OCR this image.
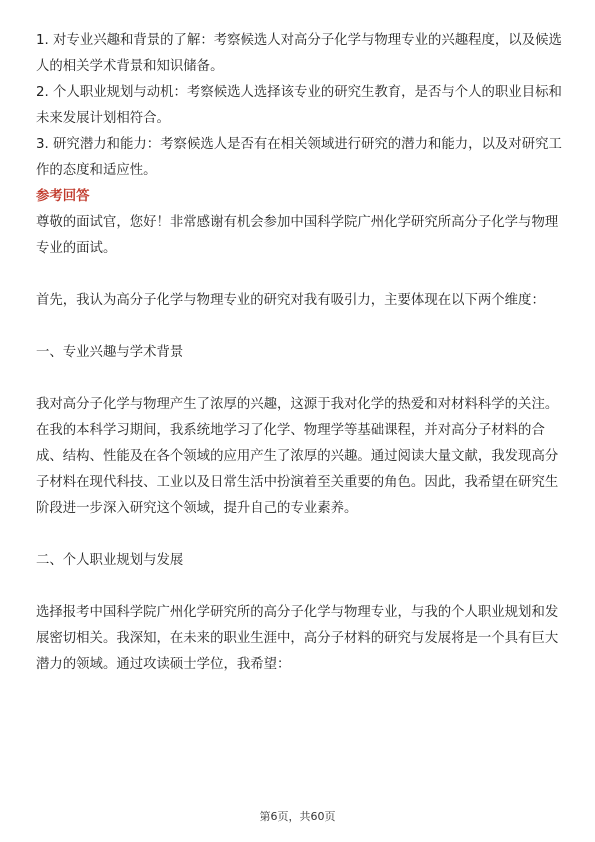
1. 对专业兴趣和背景的了解：考察候选人对高分子化学与物理专业的兴趣程度，以及候选人的相关学术背景和知识储备。

2. 个人职业规划与动机：考察候选人选择该专业的研究生教育，是否与个人的职业目标和未来发展计划相符合。

3. 研究潜力和能力：考察候选人是否有在相关领域进行研究的潜力和能力，以及对研究工作的态度和适应性。

参考回答

尊敬的面试官，您好！非常感谢有机会参加中国科学院广州化学研究所高分子化学与物理专业的面试。

首先，我认为高分子化学与物理专业的研究对我有吸引力，主要体现在以下两个维度：

一、专业兴趣与学术背景

我对高分子化学与物理产生了浓厚的兴趣，这源于我对化学的热爱和对材料科学的关注。在我的本科学习期间，我系统地学习了化学、物理学等基础课程，并对高分子材料的合成、结构、性能及在各个领域的应用产生了浓厚的兴趣。通过阅读大量文献，我发现高分子材料在现代科技、工业以及日常生活中扮演着至关重要的角色。因此，我希望在研究生阶段进一步深入研究这个领域，提升自己的专业素养。

二、个人职业规划与发展

选择报考中国科学院广州化学研究所的高分子化学与物理专业，与我的个人职业规划和发展密切相关。我深知，在未来的职业生涯中，高分子材料的研究与发展将是一个具有巨大潜力的领域。通过攻读硕士学位，我希望：

第6页，共60页
